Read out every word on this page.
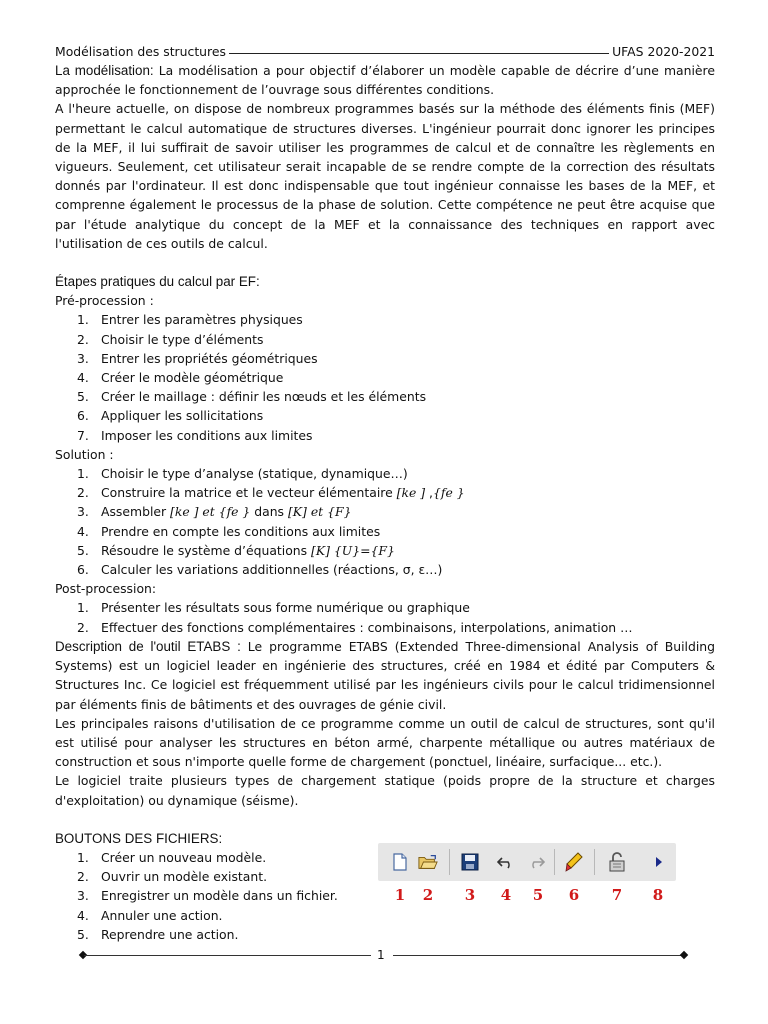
Modélisation des structures	UFAS 2020-2021

La modélisation: La modélisation a pour objectif d’élaborer un modèle capable de décrire d’une manière approchée le fonctionnement de l’ouvrage sous différentes conditions.

A l'heure actuelle, on dispose de nombreux programmes basés sur la méthode des éléments finis (MEF) permettant le calcul automatique de structures diverses. L'ingénieur pourrait donc ignorer les principes de la MEF, il lui suffirait de savoir utiliser les programmes de calcul et de connaître les règlements en vigueurs. Seulement, cet utilisateur serait incapable de se rendre compte de la correction des résultats donnés par l'ordinateur. Il est donc indispensable que tout ingénieur connaisse les bases de la MEF, et comprenne également le processus de la phase de solution. Cette compétence ne peut être acquise que par l'étude analytique du concept de la MEF et la connaissance des techniques en rapport avec l'utilisation de ces outils de calcul.

Étapes pratiques du calcul par EF:
Pré-procession :
1. Entrer les paramètres physiques
2. Choisir le type d’éléments
3. Entrer les propriétés géométriques
4. Créer le modèle géométrique
5. Créer le maillage : définir les nœuds et les éléments
6. Appliquer les sollicitations
7. Imposer les conditions aux limites
Solution :
1. Choisir le type d’analyse (statique, dynamique…)
2. Construire la matrice et le vecteur élémentaire [ke ] ,{fe }
3. Assembler [ke ] et {fe } dans [K] et {F}
4. Prendre en compte les conditions aux limites
5. Résoudre le système d’équations [K] {U}={F}
6. Calculer les variations additionnelles (réactions, σ, ε…)
Post-procession:
1. Présenter les résultats sous forme numérique ou graphique
2. Effectuer des fonctions complémentaires : combinaisons, interpolations, animation …

Description de l'outil ETABS : Le programme ETABS (Extended Three-dimensional Analysis of Building Systems) est un logiciel leader en ingénierie des structures, créé en 1984 et édité par Computers & Structures Inc. Ce logiciel est fréquemment utilisé par les ingénieurs civils pour le calcul tridimensionnel par éléments finis de bâtiments et des ouvrages de génie civil.

Les principales raisons d'utilisation de ce programme comme un outil de calcul de structures, sont qu'il est utilisé pour analyser les structures en béton armé, charpente métallique ou autres matériaux de construction et sous n'importe quelle forme de chargement (ponctuel, linéaire, surfacique... etc.).

Le logiciel traite plusieurs types de chargement statique (poids propre de la structure et charges d'exploitation) ou dynamique (séisme).

BOUTONS DES FICHIERS:
1. Créer un nouveau modèle.
2. Ouvrir un modèle existant.
3. Enregistrer un modèle dans un fichier.
4. Annuler une action.
5. Reprendre une action.
1	2	3	4	5	6	7	8
1
